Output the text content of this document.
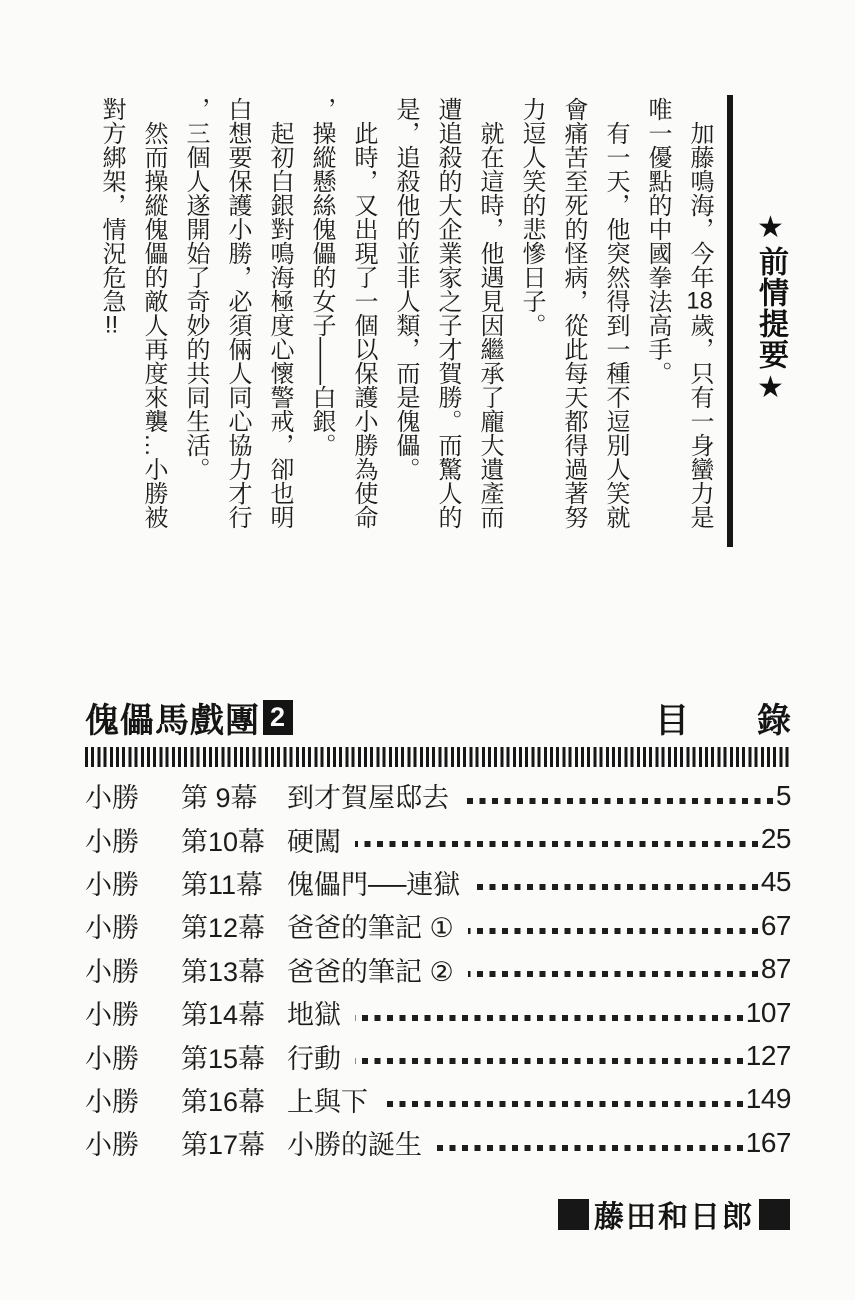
★前情提要★

　加藤鳴海，今年18歲，只有一身蠻力是
唯一優點的中國拳法高手。

　有一天，他突然得到一種不逗別人笑就
會痛苦至死的怪病，從此每天都得過著努
力逗人笑的悲慘日子。

　就在這時，他遇見因繼承了龐大遺產而
遭追殺的大企業家之子才賀勝。而驚人的
是，追殺他的並非人類，而是傀儡。

　此時，又出現了一個以保護小勝為使命
，操縱懸絲傀儡的女子——白銀。

　起初白銀對鳴海極度心懷警戒，卻也明
白想要保護小勝，必須倆人同心協力才行
，三個人遂開始了奇妙的共同生活。

　然而操縱傀儡的敵人再度來襲…小勝被
對方綁架，情況危急!!

傀儡馬戲團 2	目　　錄
小勝	第 9幕	到才賀屋邸去	5
小勝	第10幕 硬闖	25
小勝	第11幕 傀儡門──連獄	45
小勝	第12幕 爸爸的筆記 ①	67
小勝	第13幕 爸爸的筆記 ②	87
小勝	第14幕 地獄	107
小勝	第15幕 行動	127
小勝	第16幕 上與下	149
小勝	第17幕 小勝的誕生	167
藤田和日郎
